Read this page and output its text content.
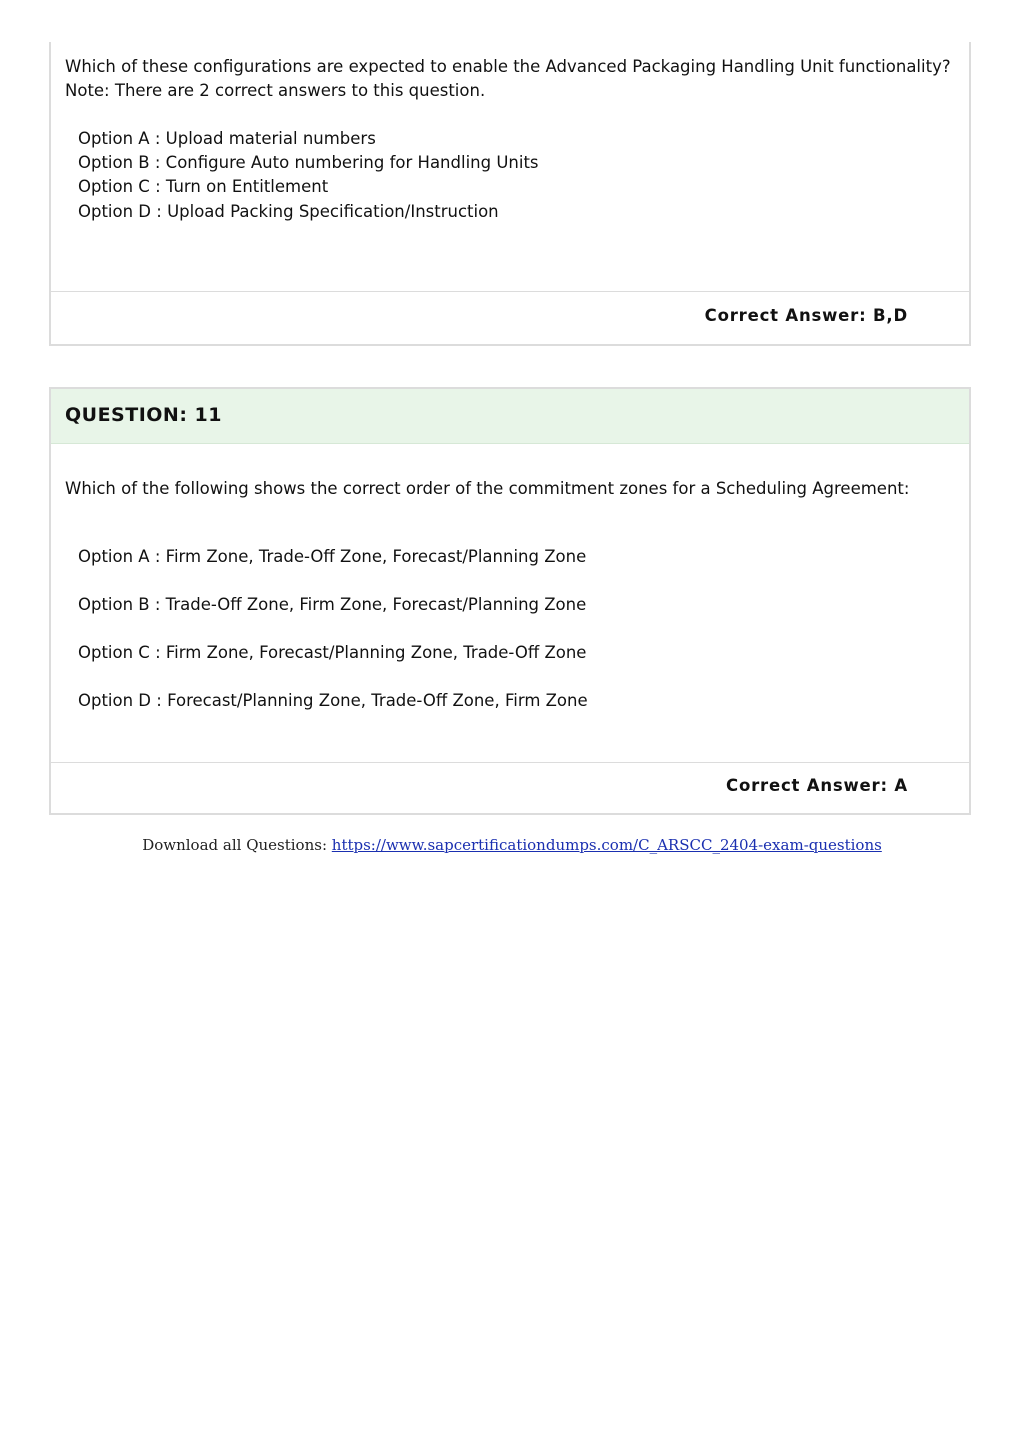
Which of these configurations are expected to enable the Advanced Packaging Handling Unit functionality?
Note: There are 2 correct answers to this question.
Option A : Upload material numbers
Option B : Configure Auto numbering for Handling Units
Option C : Turn on Entitlement
Option D : Upload Packing Specification/Instruction
Correct Answer: B,D
QUESTION: 11
Which of the following shows the correct order of the commitment zones for a Scheduling Agreement:
Option A : Firm Zone, Trade-Off Zone, Forecast/Planning Zone
Option B : Trade-Off Zone, Firm Zone, Forecast/Planning Zone
Option C : Firm Zone, Forecast/Planning Zone, Trade-Off Zone
Option D : Forecast/Planning Zone, Trade-Off Zone, Firm Zone
Correct Answer: A
Download all Questions: https://www.sapcertificationdumps.com/C_ARSCC_2404-exam-questions
